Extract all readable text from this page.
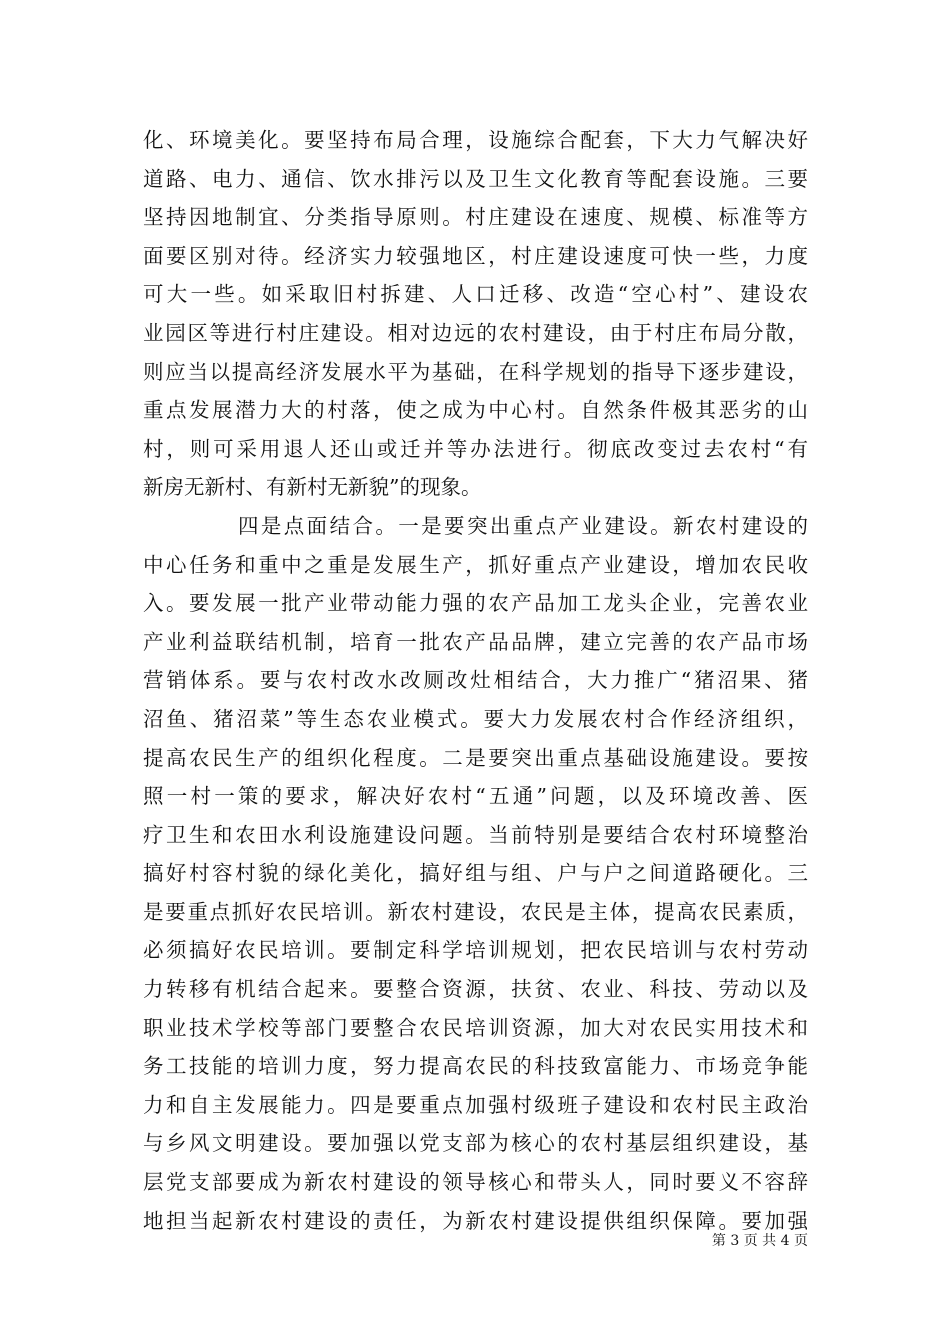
化、环境美化。要坚持布局合理，设施综合配套，下大力气解决好
道路、电力、通信、饮水排污以及卫生文化教育等配套设施。三要
坚持因地制宜、分类指导原则。村庄建设在速度、规模、标准等方
面要区别对待。经济实力较强地区，村庄建设速度可快一些，力度
可大一些。如采取旧村拆建、人口迁移、改造“空心村”、建设农
业园区等进行村庄建设。相对边远的农村建设，由于村庄布局分散，
则应当以提高经济发展水平为基础，在科学规划的指导下逐步建设，
重点发展潜力大的村落，使之成为中心村。自然条件极其恶劣的山
村，则可采用退人还山或迁并等办法进行。彻底改变过去农村“有
新房无新村、有新村无新貌”的现象。
四是点面结合。一是要突出重点产业建设。新农村建设的
中心任务和重中之重是发展生产，抓好重点产业建设，增加农民收
入。要发展一批产业带动能力强的农产品加工龙头企业，完善农业
产业利益联结机制，培育一批农产品品牌，建立完善的农产品市场
营销体系。要与农村改水改厕改灶相结合，大力推广“猪沼果、猪
沼鱼、猪沼菜”等生态农业模式。要大力发展农村合作经济组织，
提高农民生产的组织化程度。二是要突出重点基础设施建设。要按
照一村一策的要求，解决好农村“五通”问题，以及环境改善、医
疗卫生和农田水利设施建设问题。当前特别是要结合农村环境整治
搞好村容村貌的绿化美化，搞好组与组、户与户之间道路硬化。三
是要重点抓好农民培训。新农村建设，农民是主体，提高农民素质，
必须搞好农民培训。要制定科学培训规划，把农民培训与农村劳动
力转移有机结合起来。要整合资源，扶贫、农业、科技、劳动以及
职业技术学校等部门要整合农民培训资源，加大对农民实用技术和
务工技能的培训力度，努力提高农民的科技致富能力、市场竞争能
力和自主发展能力。四是要重点加强村级班子建设和农村民主政治
与乡风文明建设。要加强以党支部为核心的农村基层组织建设，基
层党支部要成为新农村建设的领导核心和带头人，同时要义不容辞
地担当起新农村建设的责任，为新农村建设提供组织保障。要加强
第 3 页 共 4 页
